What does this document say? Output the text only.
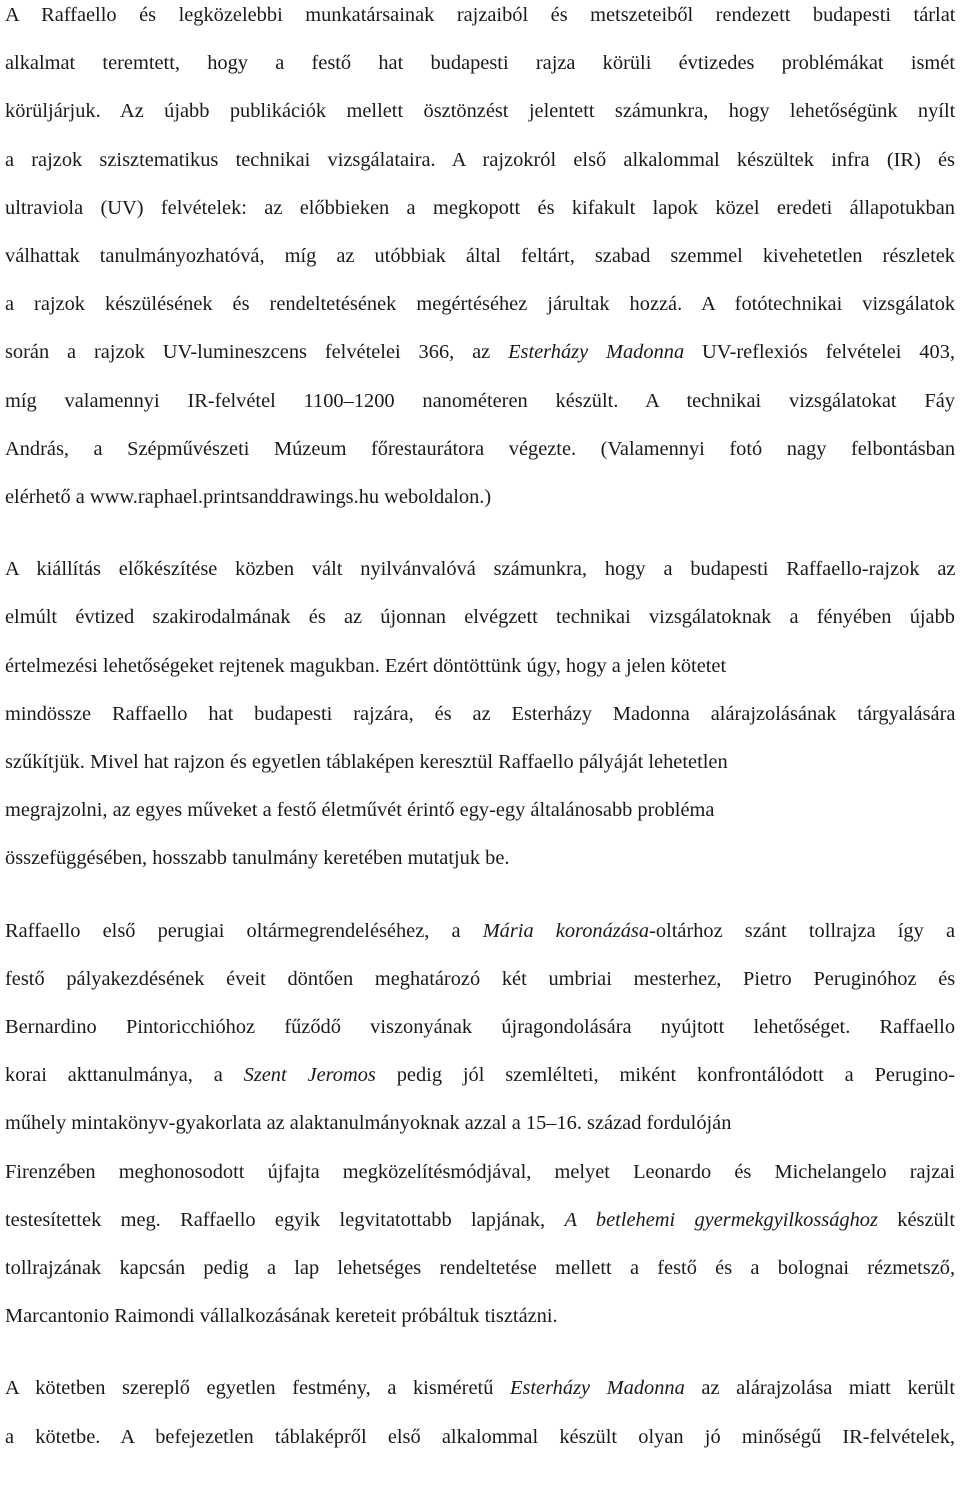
A Raffaello és legközelebbi munkatársainak rajzaiból és metszeteiből rendezett budapesti tárlat
alkalmat teremtett, hogy a festő hat budapesti rajza körüli évtizedes problémákat ismét
körüljárjuk. Az újabb publikációk mellett ösztönzést jelentett számunkra, hogy lehetőségünk nyílt
a rajzok szisztematikus technikai vizsgálataira. A rajzokról első alkalommal készültek infra (IR) és
ultraviola (UV) felvételek: az előbbieken a megkopott és kifakult lapok közel eredeti állapotukban
válhattak tanulmányozhatóvá, míg az utóbbiak által feltárt, szabad szemmel kivehetetlen részletek
a rajzok készülésének és rendeltetésének megértéséhez járultak hozzá. A fotótechnikai vizsgálatok
során a rajzok UV-lumineszcens felvételei 366, az Esterházy Madonna UV-reflexiós felvételei 403,
míg valamennyi IR-felvétel 1100–1200 nanométeren készült. A technikai vizsgálatokat Fáy
András, a Szépművészeti Múzeum főrestaurátora végezte. (Valamennyi fotó nagy felbontásban
elérhető a www.raphael.printsanddrawings.hu weboldalon.)

A kiállítás előkészítése közben vált nyilvánvalóvá számunkra, hogy a budapesti Raffaello-rajzok az
elmúlt évtized szakirodalmának és az újonnan elvégzett technikai vizsgálatoknak a fényében újabb
értelmezési lehetőségeket rejtenek magukban. Ezért döntöttünk úgy, hogy a jelen kötetet
mindössze Raffaello hat budapesti rajzára, és az Esterházy Madonna alárajzolásának tárgyalására
szűkítjük. Mivel hat rajzon és egyetlen táblaképen keresztül Raffaello pályáját lehetetlen
megrajzolni, az egyes műveket a festő életművét érintő egy-egy általánosabb probléma
összefüggésében, hosszabb tanulmány keretében mutatjuk be.

Raffaello első perugiai oltármegrendeléséhez, a Mária koronázása-oltárhoz szánt tollrajza így a
festő pályakezdésének éveit döntően meghatározó két umbriai mesterhez, Pietro Peruginóhoz és
Bernardino Pintoricchióhoz fűződő viszonyának újragondolására nyújtott lehetőséget. Raffaello
korai akttanulmánya, a Szent Jeromos pedig jól szemlélteti, miként konfrontálódott a Perugino-
műhely mintakönyv-gyakorlata az alaktanulmányoknak azzal a 15–16. század fordulóján
Firenzében meghonosodott újfajta megközelítésmódjával, melyet Leonardo és Michelangelo rajzai
testesítettek meg. Raffaello egyik legvitatottabb lapjának, A betlehemi gyermekgyilkossághoz készült
tollrajzának kapcsán pedig a lap lehetséges rendeltetése mellett a festő és a bolognai rézmetsző,
Marcantonio Raimondi vállalkozásának kereteit próbáltuk tisztázni.

A kötetben szereplő egyetlen festmény, a kisméretű Esterházy Madonna az alárajzolása miatt került
a kötetbe. A befejezetlen táblaképről első alkalommal készült olyan jó minőségű IR-felvételek,
